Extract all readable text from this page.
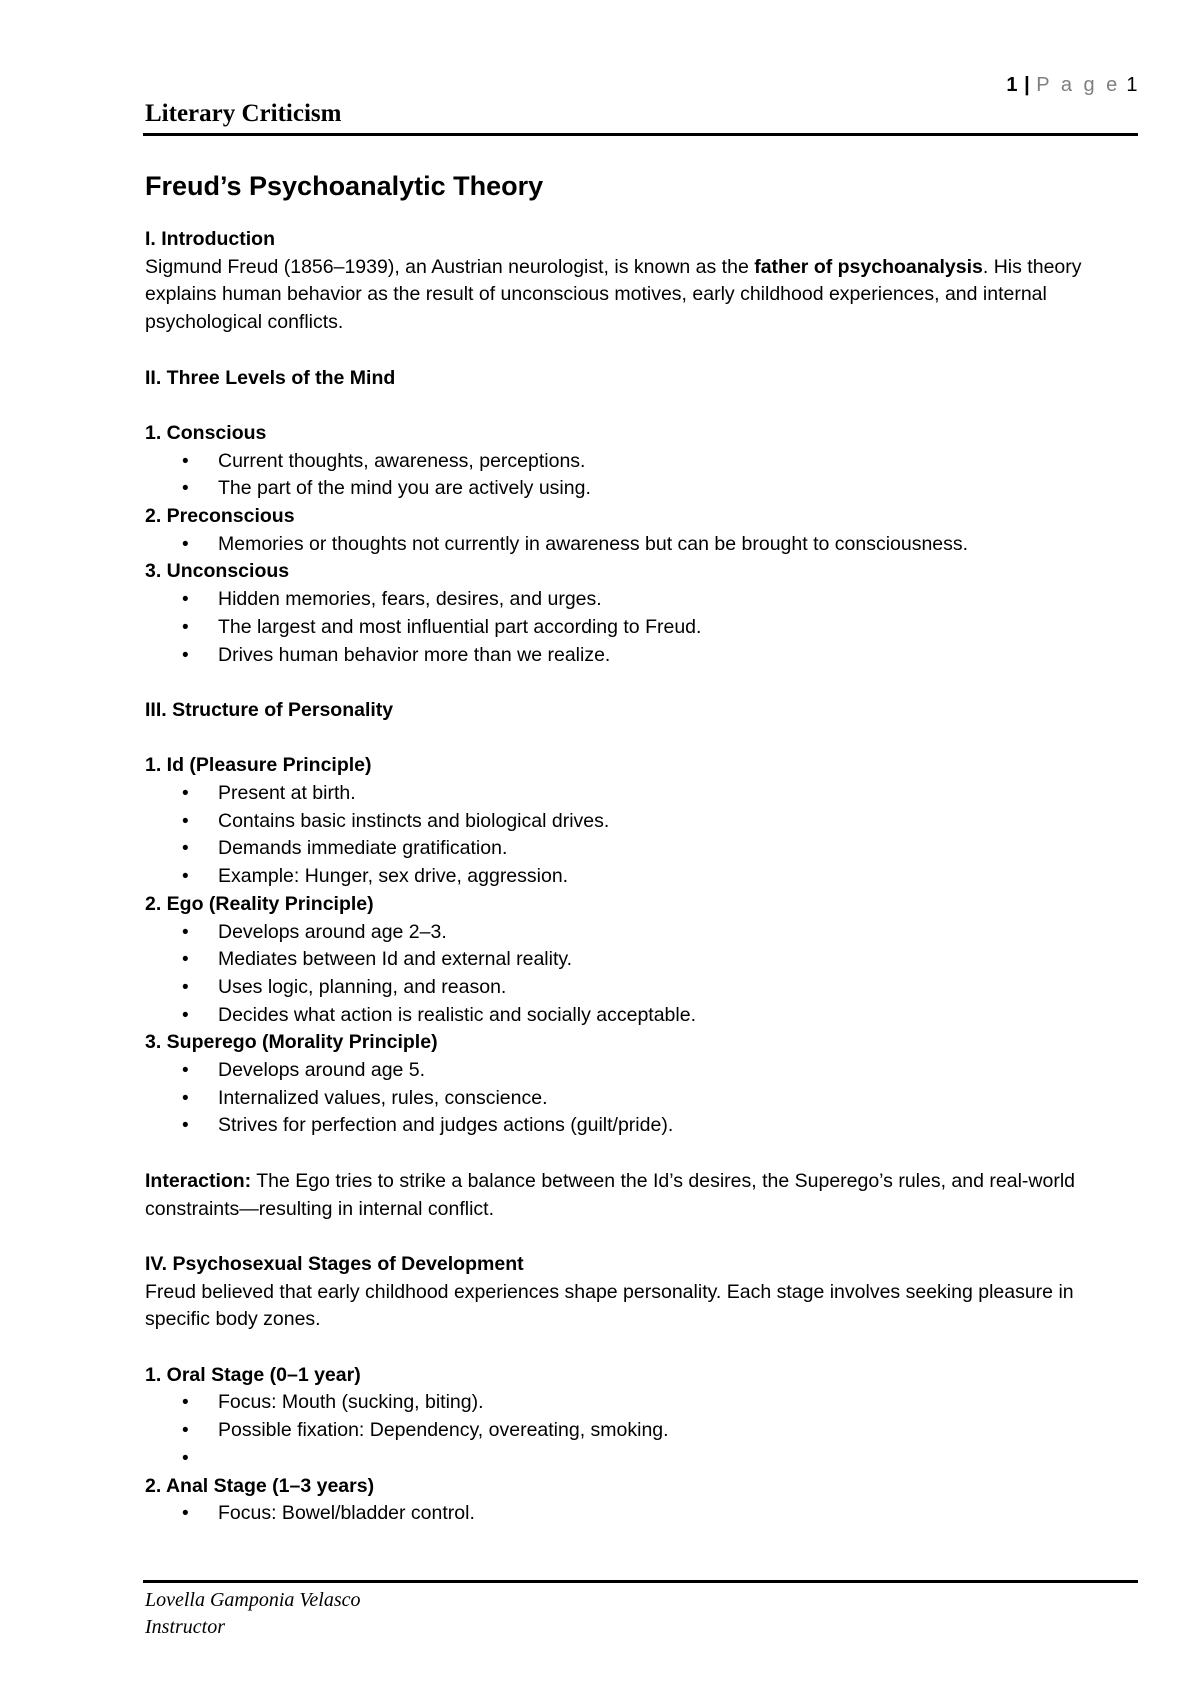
1 | P a g e 1
Literary Criticism
Freud’s Psychoanalytic Theory
I. Introduction

Sigmund Freud (1856–1939), an Austrian neurologist, is known as the father of psychoanalysis. His theory explains human behavior as the result of unconscious motives, early childhood experiences, and internal psychological conflicts.

II. Three Levels of the Mind
1. Conscious
• Current thoughts, awareness, perceptions.
• The part of the mind you are actively using.
2. Preconscious
• Memories or thoughts not currently in awareness but can be brought to consciousness.
3. Unconscious
• Hidden memories, fears, desires, and urges.
• The largest and most influential part according to Freud.
• Drives human behavior more than we realize.
III. Structure of Personality
1. Id (Pleasure Principle)
• Present at birth.
• Contains basic instincts and biological drives.
• Demands immediate gratification.
• Example: Hunger, sex drive, aggression.
2. Ego (Reality Principle)
• Develops around age 2–3.
• Mediates between Id and external reality.
• Uses logic, planning, and reason.
• Decides what action is realistic and socially acceptable.
3. Superego (Morality Principle)
• Develops around age 5.
• Internalized values, rules, conscience.
• Strives for perfection and judges actions (guilt/pride).

Interaction: The Ego tries to strike a balance between the Id’s desires, the Superego’s rules, and real-world constraints—resulting in internal conflict.

IV. Psychosexual Stages of Development

Freud believed that early childhood experiences shape personality. Each stage involves seeking pleasure in specific body zones.

1. Oral Stage (0–1 year)
• Focus: Mouth (sucking, biting).
• Possible fixation: Dependency, overeating, smoking.
•
2. Anal Stage (1–3 years)
• Focus: Bowel/bladder control.
Lovella Gamponia Velasco
Instructor
